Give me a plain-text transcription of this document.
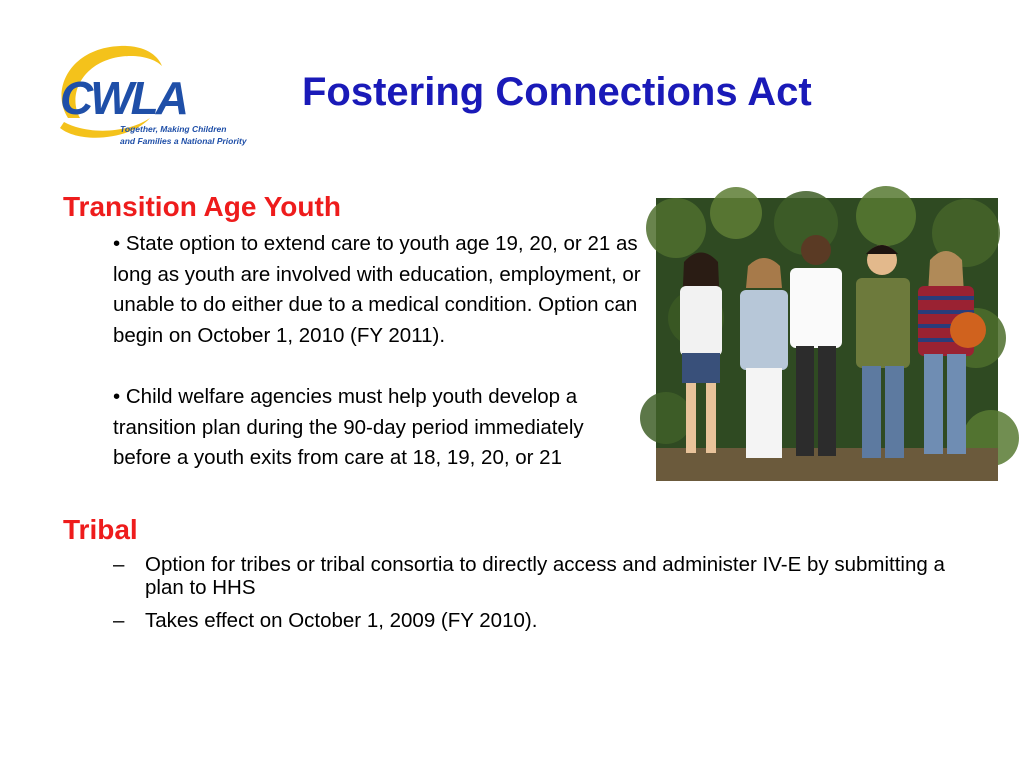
CWLA
Together, Making Children
and Families a National Priority
Fostering Connections Act
Transition Age Youth

• State option to extend care to youth age 19, 20, or 21 as long as youth are involved with education, employment, or unable to do either due to a medical condition. Option can begin on October 1, 2010 (FY 2011).

• Child welfare agencies must help youth develop a transition plan during the 90-day period immediately before a youth exits from care at 18, 19, 20, or 21

Tribal
– Option for tribes or tribal consortia to directly access and administer IV-E by submitting a plan to HHS
– Takes effect on October 1, 2009 (FY 2010).
